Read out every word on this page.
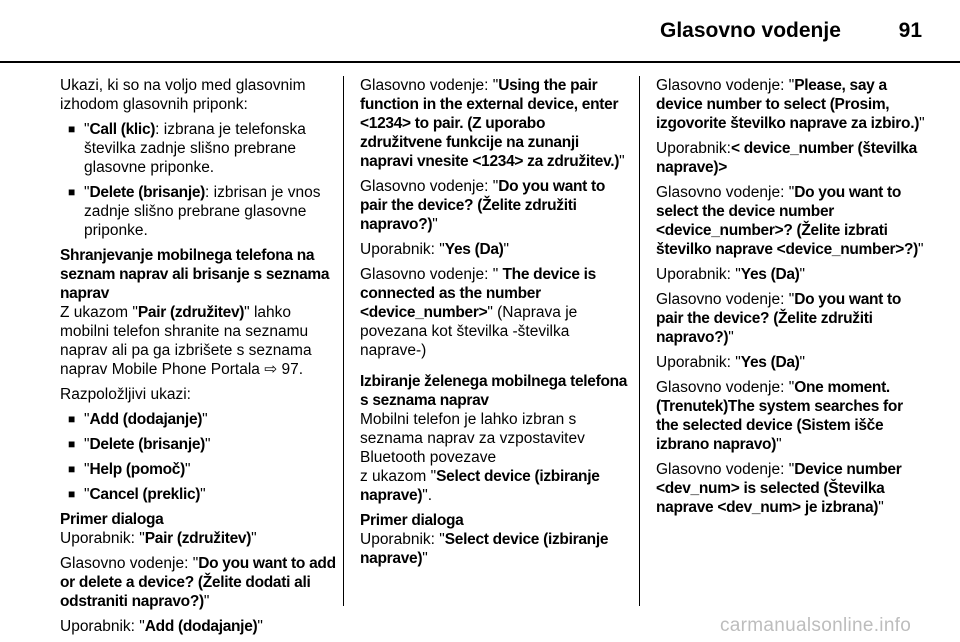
Glasovno vodenje	91

Ukazi, ki so na voljo med glasovnim izhodom glasovnih priponk:

■ "Call (klic): izbrana je telefonska številka zadnje slišno prebrane glasovne priponke.
■ "Delete (brisanje): izbrisan je vnos zadnje slišno prebrane glasovne priponke.
Shranjevanje mobilnega telefona na seznam naprav ali brisanje s seznama naprav

Z ukazom "Pair (združitev)" lahko mobilni telefon shranite na seznamu naprav ali pa ga izbrišete s seznama naprav Mobile Phone Portala ⇨ 97.

Razpoložljivi ukazi:

■ "Add (dodajanje)"
■ "Delete (brisanje)"
■ "Help (pomoč)"
■ "Cancel (preklic)"
Primer dialoga

Uporabnik: "Pair (združitev)"

Glasovno vodenje: "Do you want to add or delete a device? (Želite dodati ali odstraniti napravo?)"

Uporabnik: "Add (dodajanje)"

Glasovno vodenje: "Using the pair function in the external device, enter <1234> to pair. (Z uporabo združitvene funkcije na zunanji napravi vnesite <1234> za združitev.)"

Glasovno vodenje: "Do you want to pair the device? (Želite združiti napravo?)"

Uporabnik: "Yes (Da)"

Glasovno vodenje: " The device is connected as the number <device_number>" (Naprava je povezana kot številka -številka naprave-)

Izbiranje želenega mobilnega telefona s seznama naprav

Mobilni telefon je lahko izbran s seznama naprav za vzpostavitev Bluetooth povezave
z ukazom "Select device (izbiranje naprave)".

Primer dialoga

Uporabnik: "Select device (izbiranje naprave)"

Glasovno vodenje: "Please, say a device number to select (Prosim, izgovorite številko naprave za izbiro.)"

Uporabnik:< device_number (številka naprave)>

Glasovno vodenje: "Do you want to select the device number <device_number>? (Želite izbrati številko naprave <device_number>?)"

Uporabnik: "Yes (Da)"

Glasovno vodenje: "Do you want to pair the device? (Želite združiti napravo?)"

Uporabnik: "Yes (Da)"

Glasovno vodenje: "One moment. (Trenutek)The system searches for the selected device (Sistem išče izbrano napravo)"

Glasovno vodenje: "Device number <dev_num> is selected (Številka naprave <dev_num> je izbrana)"

carmanualsonline.info
